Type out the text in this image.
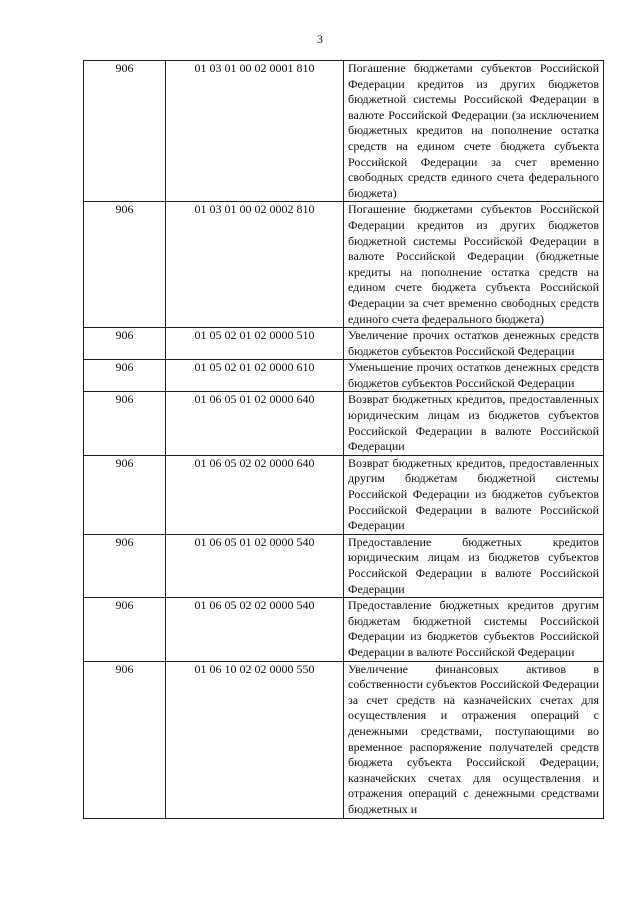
3
906	01 03 01 00 02 0001 810	Погашение бюджетами субъектов Российской Федерации кредитов из других бюджетов бюджетной системы Российской Федерации в валюте Российской Федерации (за исключением бюджетных кредитов на пополнение остатка средств на едином счете бюджета субъекта Российской Федерации за счет временно свободных средств единого счета федерального бюджета)
906	01 03 01 00 02 0002 810	Погашение бюджетами субъектов Российской Федерации кредитов из других бюджетов бюджетной системы Российской Федерации в валюте Российской Федерации (бюджетные кредиты на пополнение остатка средств на едином счете бюджета субъекта Российской Федерации за счет временно свободных средств единого счета федерального бюджета)
906	01 05 02 01 02 0000 510	Увеличение прочих остатков денежных средств бюджетов субъектов Российской Федерации
906	01 05 02 01 02 0000 610	Уменьшение прочих остатков денежных средств бюджетов субъектов Российской Федерации
906	01 06 05 01 02 0000 640	Возврат бюджетных кредитов, предоставленных юридическим лицам из бюджетов субъектов Российской Федерации в валюте Российской Федерации
906	01 06 05 02 02 0000 640	Возврат бюджетных кредитов, предоставленных другим бюджетам бюджетной системы Российской Федерации из бюджетов субъектов Российской Федерации в валюте Российской Федерации
906	01 06 05 01 02 0000 540	Предоставление бюджетных кредитов юридическим лицам из бюджетов субъектов Российской Федерации в валюте Российской Федерации
906	01 06 05 02 02 0000 540	Предоставление бюджетных кредитов другим бюджетам бюджетной системы Российской Федерации из бюджетов субъектов Российской Федерации в валюте Российской Федерации
906	01 06 10 02 02 0000 550	Увеличение финансовых активов в собственности субъектов Российской Федерации за счет средств на казначейских счетах для осуществления и отражения операций с денежными средствами, поступающими во временное распоряжение получателей средств бюджета субъекта Российской Федерации, казначейских счетах для осуществления и отражения операций с денежными средствами бюджетных и
